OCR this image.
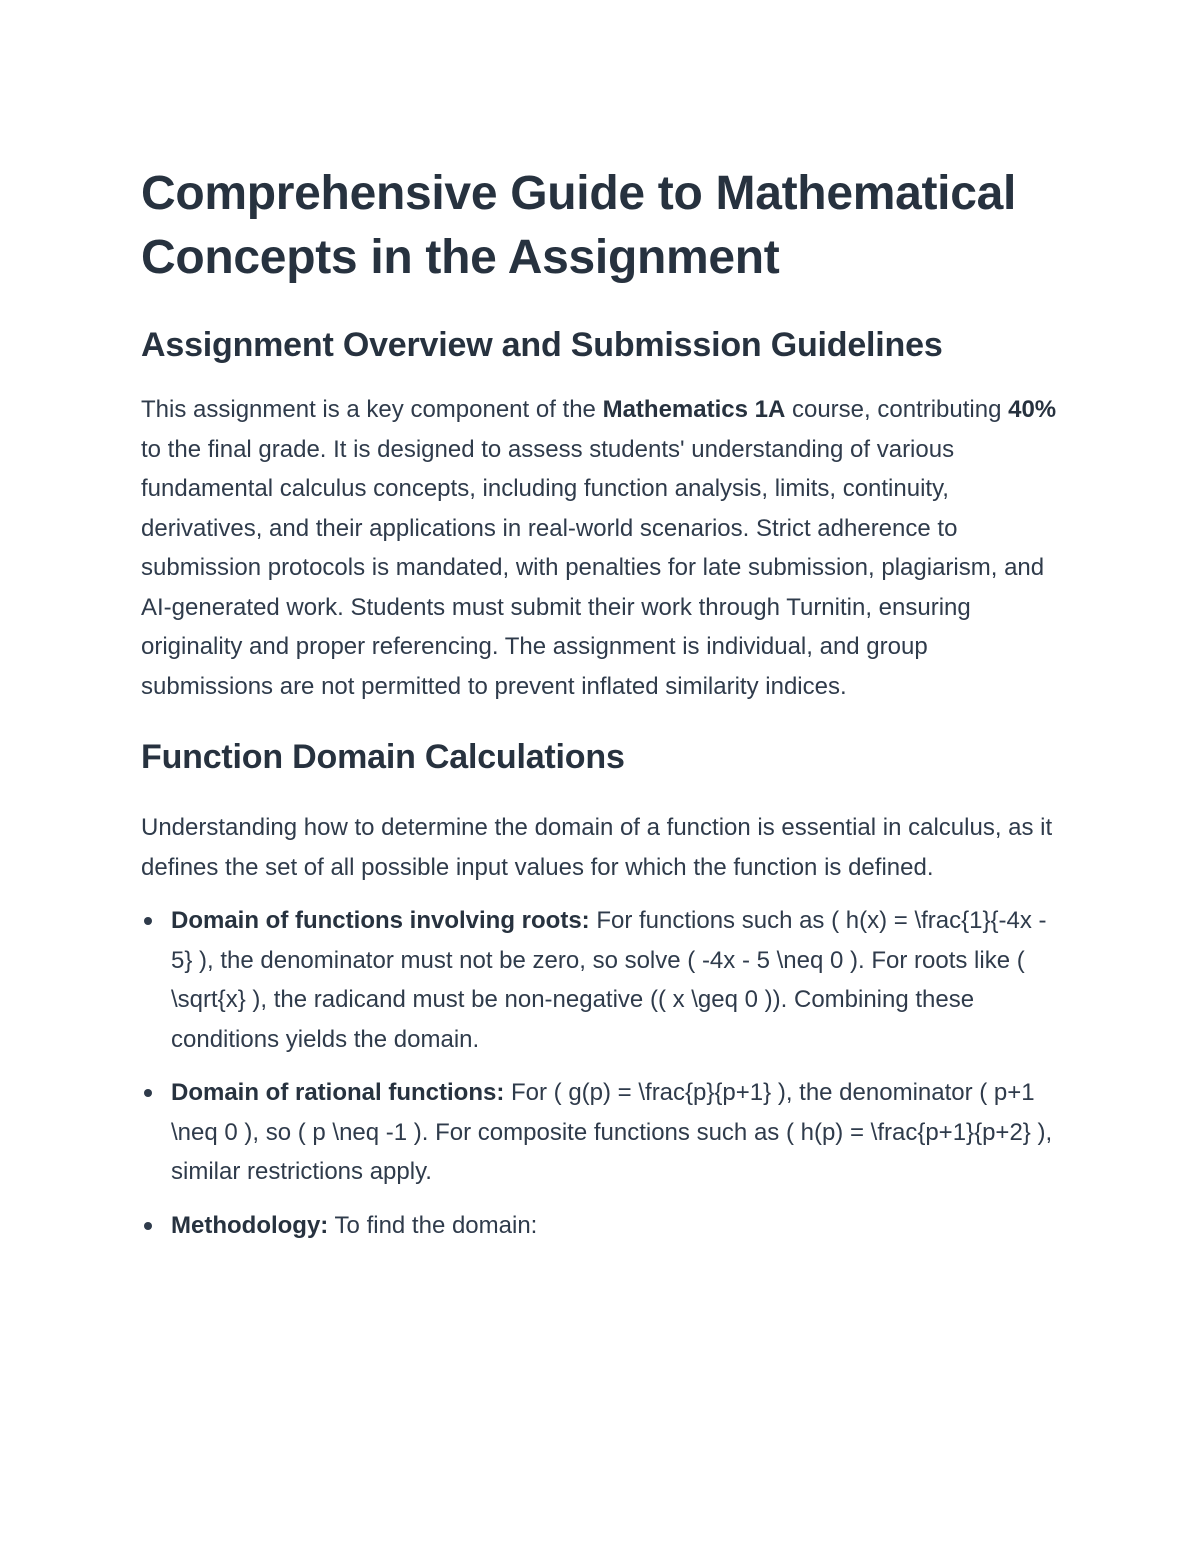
Comprehensive Guide to Mathematical Concepts in the Assignment
Assignment Overview and Submission Guidelines

This assignment is a key component of the Mathematics 1A course, contributing 40% to the final grade. It is designed to assess students' understanding of various fundamental calculus concepts, including function analysis, limits, continuity, derivatives, and their applications in real-world scenarios. Strict adherence to submission protocols is mandated, with penalties for late submission, plagiarism, and AI-generated work. Students must submit their work through Turnitin, ensuring originality and proper referencing. The assignment is individual, and group submissions are not permitted to prevent inflated similarity indices.

Function Domain Calculations

Understanding how to determine the domain of a function is essential in calculus, as it defines the set of all possible input values for which the function is defined.

Domain of functions involving roots: For functions such as ( h(x) = \frac{1}{-4x - 5} ), the denominator must not be zero, so solve ( -4x - 5 \neq 0 ). For roots like ( \sqrt{x} ), the radicand must be non-negative (( x \geq 0 )). Combining these conditions yields the domain.
Domain of rational functions: For ( g(p) = \frac{p}{p+1} ), the denominator ( p+1 \neq 0 ), so ( p \neq -1 ). For composite functions such as ( h(p) = \frac{p+1}{p+2} ), similar restrictions apply.
Methodology: To find the domain:
